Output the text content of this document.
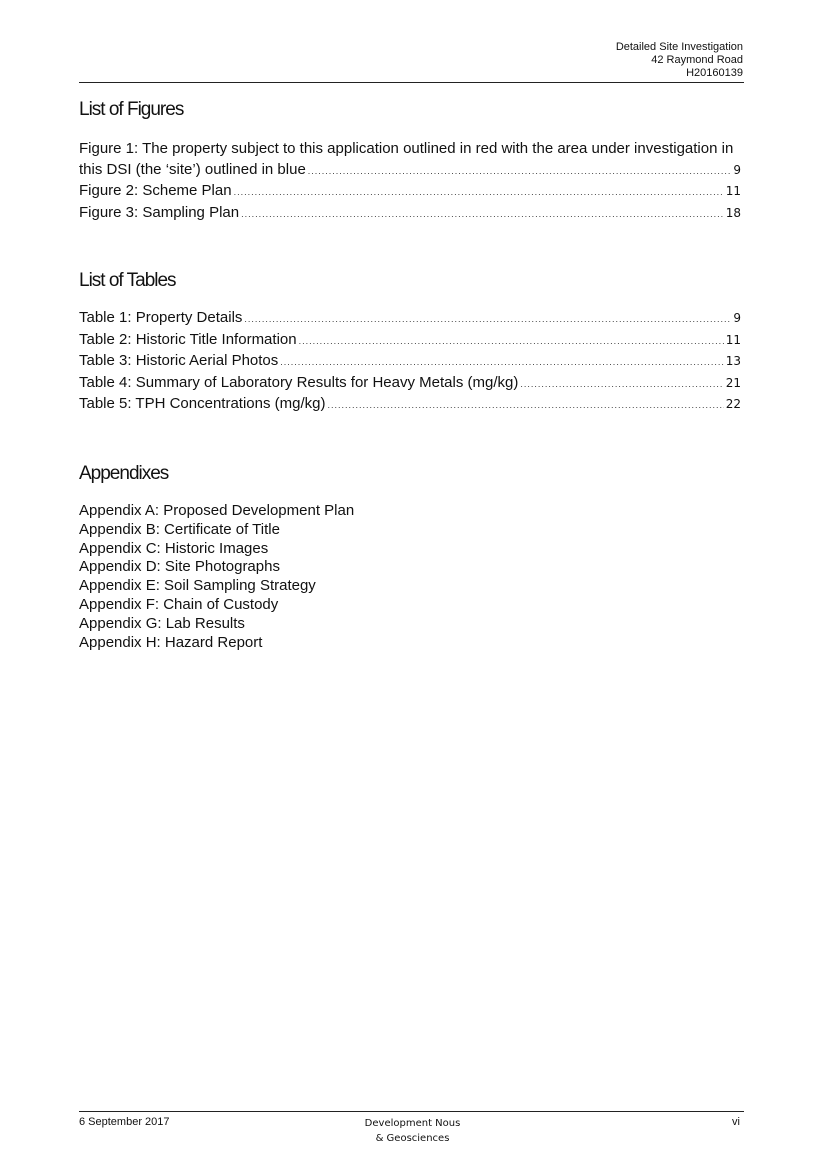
Detailed Site Investigation
42 Raymond Road
H20160139
List of Figures
Figure 1: The property subject to this application outlined in red with the area under investigation in
this DSI (the ‘site’) outlined in blue .....	9
Figure 2: Scheme Plan .....	11
Figure 3: Sampling Plan .....	18
List of Tables
Table 1: Property Details .....	9
Table 2: Historic Title Information .....	11
Table 3: Historic Aerial Photos .....	13
Table 4: Summary of Laboratory Results for Heavy Metals (mg/kg) .....	21
Table 5: TPH Concentrations (mg/kg) .....	22
Appendixes
Appendix A: Proposed Development Plan
Appendix B: Certificate of Title
Appendix C: Historic Images
Appendix D: Site Photographs
Appendix E: Soil Sampling Strategy
Appendix F: Chain of Custody
Appendix G: Lab Results
Appendix H: Hazard Report
6 September 2017	Development Nous
& Geosciences
vi
